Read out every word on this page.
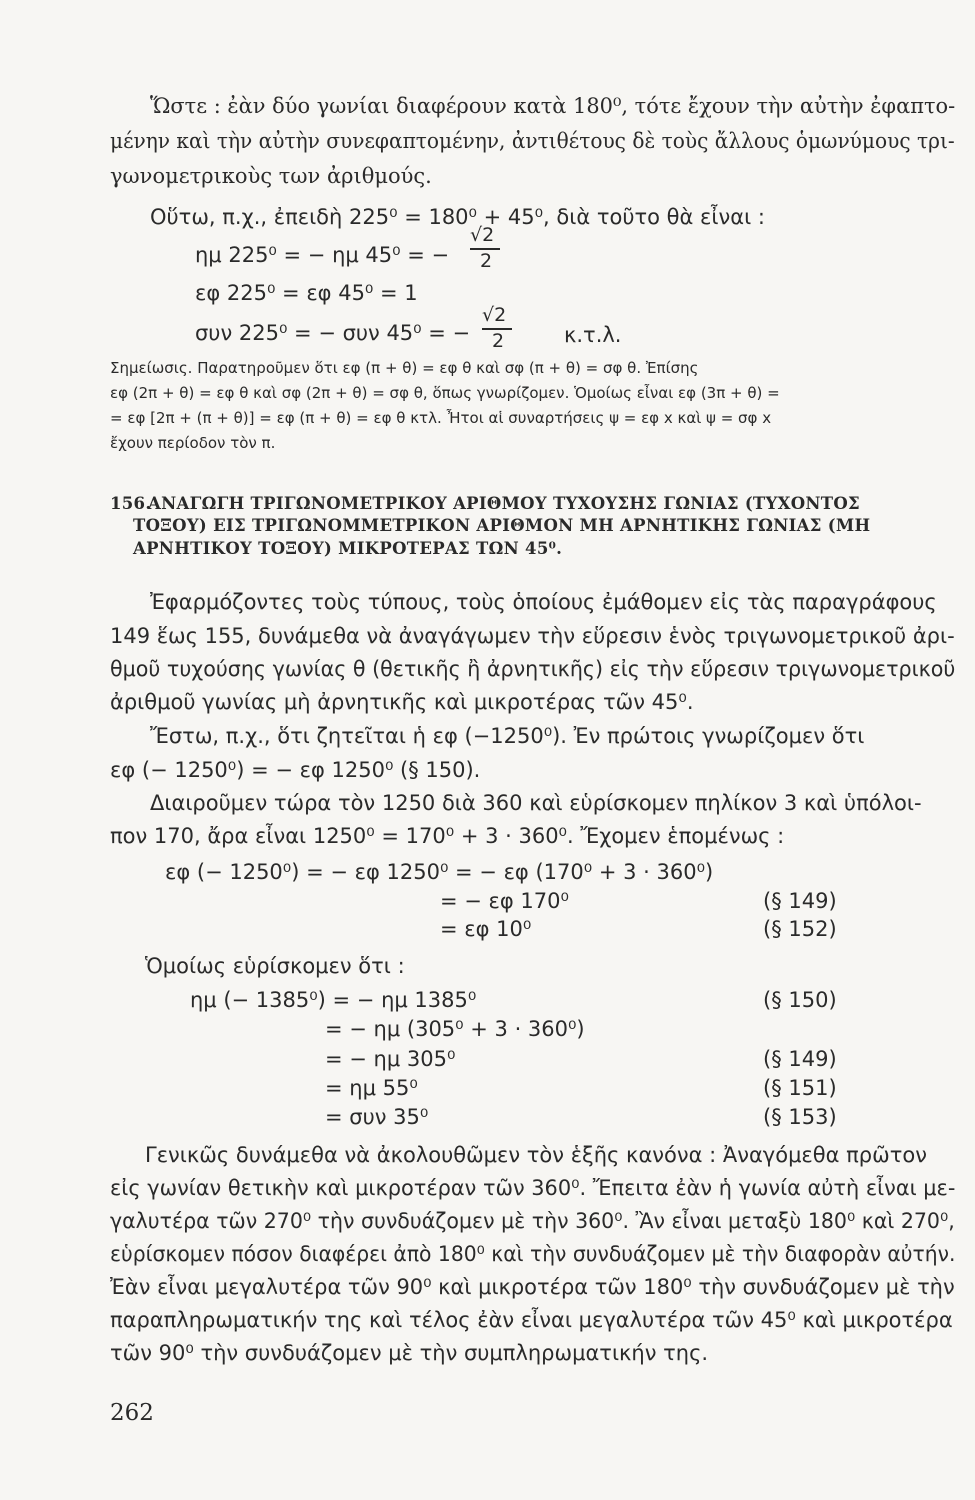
Ὥστε : ἐὰν δύο γωνίαι διαφέρουν κατὰ 180⁰, τότε ἔχουν τὴν αὐτὴν ἐφαπτο-
μένην καὶ τὴν αὐτὴν συνεφαπτομένην, ἀντιθέτους δὲ τοὺς ἄλλους ὁμωνύμους τρι-
γωνομετρικοὺς των ἀριθμούς.
Οὕτω, π.χ., ἐπειδὴ 225⁰ = 180⁰ + 45⁰, διὰ τοῦτο θὰ εἶναι :
ημ 225⁰ = − ημ 45⁰ = −
√2
2
εφ 225⁰ = εφ 45⁰ = 1
συν 225⁰ = − συν 45⁰ = −
√2
2	κ.τ.λ.
Σημείωσις. Παρατηροῦμεν ὅτι εφ (π + θ) = εφ θ καὶ σφ (π + θ) = σφ θ. Ἐπίσης
εφ (2π + θ) = εφ θ καὶ σφ (2π + θ) = σφ θ, ὅπως γνωρίζομεν. Ὁμοίως εἶναι εφ (3π + θ) =
= εφ [2π + (π + θ)] = εφ (π + θ) = εφ θ κτλ. Ἦτοι αἱ συναρτήσεις ψ = εφ x καὶ ψ = σφ x
ἔχουν περίοδον τὸν π.
156.
ΑΝΑΓΩΓΗ ΤΡΙΓΩΝΟΜΕΤΡΙΚΟΥ ΑΡΙΘΜΟΥ ΤΥΧΟΥΣΗΣ ΓΩΝΙΑΣ (ΤΥΧΟΝΤΟΣ
ΤΟΞΟΥ) ΕΙΣ ΤΡΙΓΩΝΟΜΜΕΤΡΙΚΟΝ ΑΡΙΘΜΟΝ ΜΗ ΑΡΝΗΤΙΚΗΣ ΓΩΝΙΑΣ (ΜΗ
ΑΡΝΗΤΙΚΟΥ ΤΟΞΟΥ) ΜΙΚΡΟΤΕΡΑΣ ΤΩΝ 45⁰.
Ἐφαρμόζοντες τοὺς τύπους, τοὺς ὁποίους ἐμάθομεν εἰς τὰς παραγράφους
149 ἕως 155, δυνάμεθα νὰ ἀναγάγωμεν τὴν εὕρεσιν ἑνὸς τριγωνομετρικοῦ ἀρι-
θμοῦ τυχούσης γωνίας θ (θετικῆς ἢ ἀρνητικῆς) εἰς τὴν εὕρεσιν τριγωνομετρικοῦ
ἀριθμοῦ γωνίας μὴ ἀρνητικῆς καὶ μικροτέρας τῶν 45⁰.
Ἔστω, π.χ., ὅτι ζητεῖται ἡ εφ (−1250⁰). Ἐν πρώτοις γνωρίζομεν ὅτι
εφ (− 1250⁰) = − εφ 1250⁰ (§ 150).
Διαιροῦμεν τώρα τὸν 1250 διὰ 360 καὶ εὑρίσκομεν πηλίκον 3 καὶ ὑπόλοι-
πον 170, ἄρα εἶναι 1250⁰ = 170⁰ + 3 · 360⁰. Ἔχομεν ἑπομένως :
εφ (− 1250⁰) = − εφ 1250⁰ = − εφ (170⁰ + 3 · 360⁰)
= − εφ 170⁰	(§ 149)
= εφ 10⁰	(§ 152)
Ὁμοίως εὑρίσκομεν ὅτι :
ημ (− 1385⁰) = − ημ 1385⁰	(§ 150)
= − ημ (305⁰ + 3 · 360⁰)
= − ημ 305⁰	(§ 149)
= ημ 55⁰	(§ 151)
= συν 35⁰	(§ 153)
Γενικῶς δυνάμεθα νὰ ἀκολουθῶμεν τὸν ἑξῆς κανόνα : Ἀναγόμεθα πρῶτον
εἰς γωνίαν θετικὴν καὶ μικροτέραν τῶν 360⁰. Ἔπειτα ἐὰν ἡ γωνία αὐτὴ εἶναι με-
γαλυτέρα τῶν 270⁰ τὴν συνδυάζομεν μὲ τὴν 360⁰. Ἂν εἶναι μεταξὺ 180⁰ καὶ 270⁰,
εὑρίσκομεν πόσον διαφέρει ἀπὸ 180⁰ καὶ τὴν συνδυάζομεν μὲ τὴν διαφορὰν αὐτήν.
Ἐὰν εἶναι μεγαλυτέρα τῶν 90⁰ καὶ μικροτέρα τῶν 180⁰ τὴν συνδυάζομεν μὲ τὴν
παραπληρωματικήν της καὶ τέλος ἐὰν εἶναι μεγαλυτέρα τῶν 45⁰ καὶ μικροτέρα
τῶν 90⁰ τὴν συνδυάζομεν μὲ τὴν συμπληρωματικήν της.
262
